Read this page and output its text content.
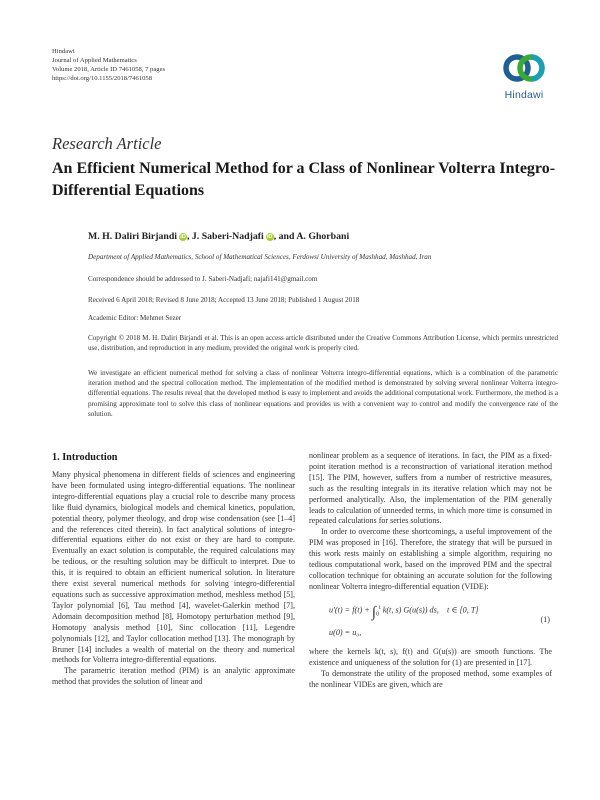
Hindawi
Journal of Applied Mathematics
Volume 2018, Article ID 7461058, 7 pages
https://doi.org/10.1155/2018/7461058
Hindawi
Research Article
An Efficient Numerical Method for a Class of Nonlinear Volterra Integro-Differential Equations
M. H. Daliri Birjandi iD, J. Saberi-Nadjafi iD, and A. Ghorbani
Department of Applied Mathematics, School of Mathematical Sciences, Ferdowsi University of Mashhad, Mashhad, Iran
Correspondence should be addressed to J. Saberi-Nadjafi; najafi141@gmail.com
Received 6 April 2018; Revised 8 June 2018; Accepted 13 June 2018; Published 1 August 2018
Academic Editor: Mehmet Sezer
Copyright © 2018 M. H. Daliri Birjandi et al. This is an open access article distributed under the Creative Commons Attribution License, which permits unrestricted use, distribution, and reproduction in any medium, provided the original work is properly cited.
We investigate an efficient numerical method for solving a class of nonlinear Volterra integro-differential equations, which is a combination of the parametric iteration method and the spectral collocation method. The implementation of the modified method is demonstrated by solving several nonlinear Volterra integro-differential equations. The results reveal that the developed method is easy to implement and avoids the additional computational work. Furthermore, the method is a promising approximate tool to solve this class of nonlinear equations and provides us with a convenient way to control and modify the convergence rate of the solution.
1. Introduction

Many physical phenomena in different fields of sciences and engineering have been formulated using integro-differential equations. The nonlinear integro-differential equations play a crucial role to describe many process like fluid dynamics, biological models and chemical kinetics, population, potential theory, polymer theology, and drop wise condensation (see [1–4] and the references cited therein). In fact analytical solutions of integro-differential equations either do not exist or they are hard to compute. Eventually an exact solution is computable, the required calculations may be tedious, or the resulting solution may be difficult to interpret. Due to this, it is required to obtain an efficient numerical solution. In literature there exist several numerical methods for solving integro-differential equations such as successive approximation method, meshless method [5], Taylor polynomial [6], Tau method [4], wavelet-Galerkin method [7], Adomain decomposition method [8], Homotopy perturbation method [9], Homotopy analysis method [10], Sinc collocation [11], Legendre polynomials [12], and Taylor collocation method [13]. The monograph by Bruner [14] includes a wealth of material on the theory and numerical methods for Volterra integro-differential equations.

The parametric iteration method (PIM) is an analytic approximate method that provides the solution of linear and

nonlinear problem as a sequence of iterations. In fact, the PIM as a fixed- point iteration method is a reconstruction of variational iteration method [15]. The PIM, however, suffers from a number of restrictive measures, such as the resulting integrals in its iterative relation which may not be performed analytically. Also, the implementation of the PIM generally leads to calculation of unneeded terms, in which more time is consumed in repeated calculations for series solutions.

In order to overcome these shortcomings, a useful improvement of the PIM was proposed in [16]. Therefore, the strategy that will be pursued in this work rests mainly on establishing a simple algorithm, requiring no tedious computational work, based on the improved PIM and the spectral collocation technique for obtaining an accurate solution for the following nonlinear Volterra integro-differential equation (VIDE):

$u'(t) = f(t) + \int_0^t$ k(t, s) G(u(s)) ds, t ∈ [0, T]
u(0) = u₀,
(1)

where the kernels k(t, s), f(t) and G(u(s)) are smooth functions. The existence and uniqueness of the solution for (1) are presented in [17].

To demonstrate the utility of the proposed method, some examples of the nonlinear VIDEs are given, which are
